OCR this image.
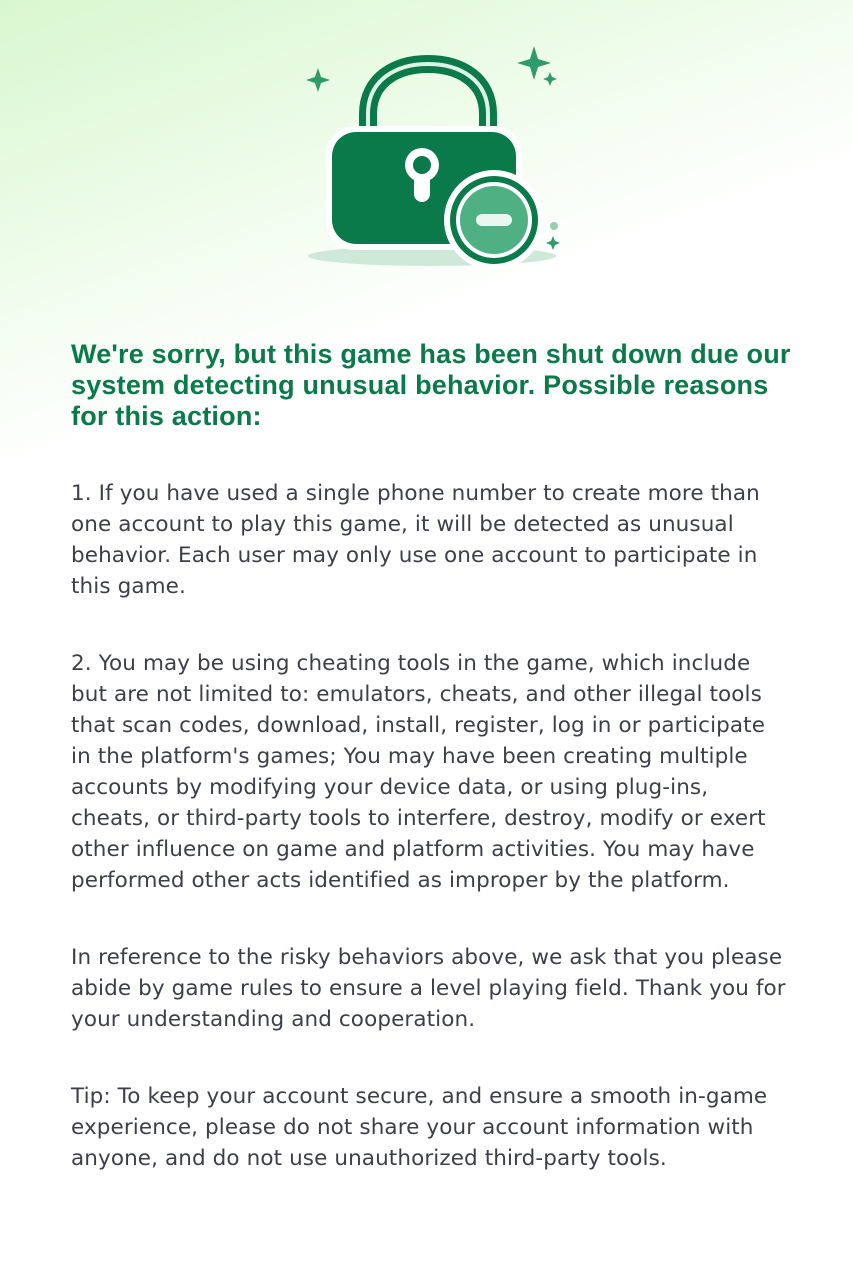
We're sorry, but this game has been shut down due our system detecting unusual behavior. Possible reasons for this action:

1. If you have used a single phone number to create more than one account to play this game, it will be detected as unusual behavior. Each user may only use one account to participate in this game.

2. You may be using cheating tools in the game, which include but are not limited to: emulators, cheats, and other illegal tools that scan codes, download, install, register, log in or participate in the platform's games; You may have been creating multiple accounts by modifying your device data, or using plug-ins, cheats, or third-party tools to interfere, destroy, modify or exert other influence on game and platform activities. You may have performed other acts identified as improper by the platform.

In reference to the risky behaviors above, we ask that you please abide by game rules to ensure a level playing field. Thank you for your understanding and cooperation.

Tip: To keep your account secure, and ensure a smooth in-game experience, please do not share your account information with anyone, and do not use unauthorized third-party tools.
